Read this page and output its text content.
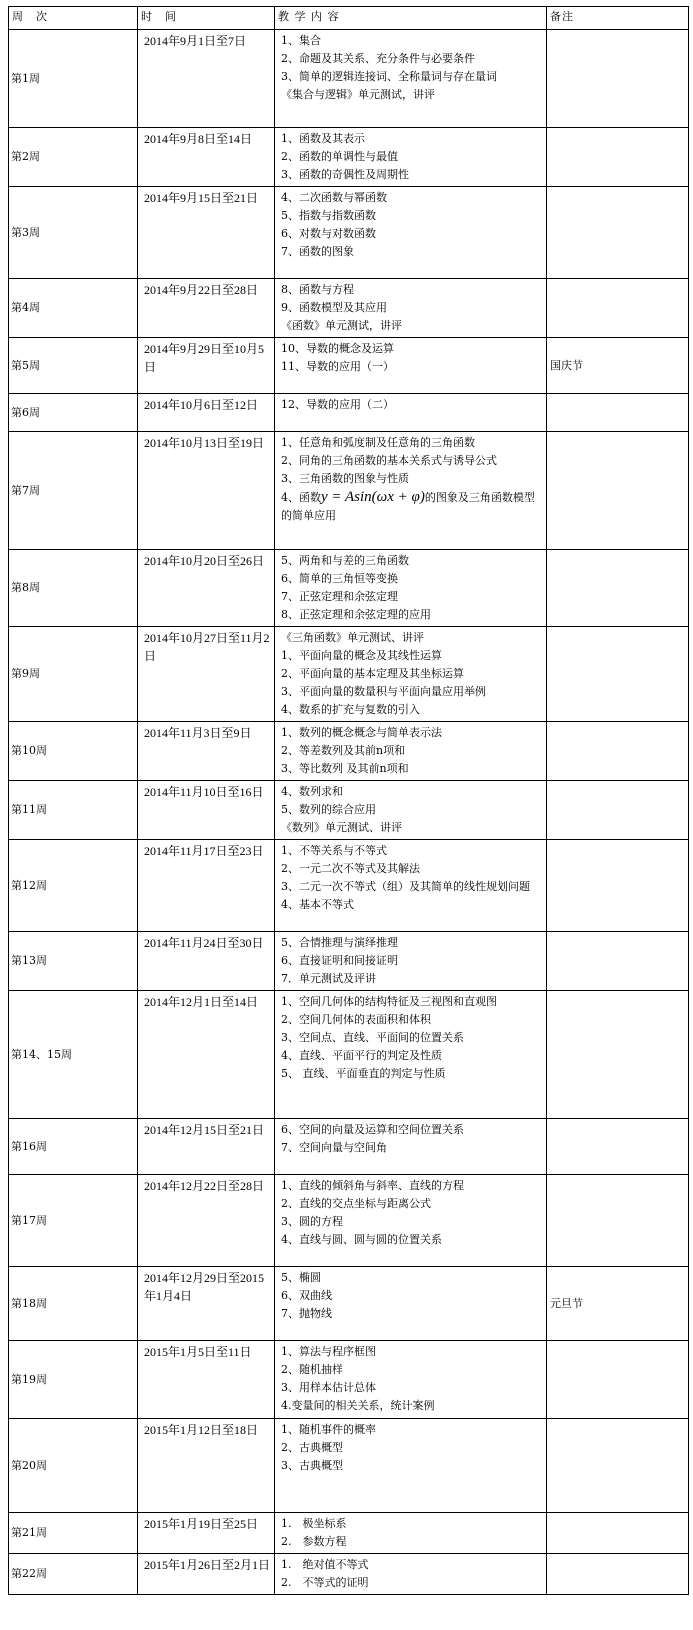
周　次	时　间	教 学 内 容	备注
第1周	2014年9月1日至7日	1、集合
2、命题及其关系、充分条件与必要条件
3、简单的逻辑连接词、全称量词与存在量词
《集合与逻辑》单元测试，讲评	

第2周	2014年9月8日至14日	1、函数及其表示
2、函数的单调性与最值
3、函数的奇偶性及周期性	

第3周	2014年9月15日至21日	4、二次函数与幂函数
5、指数与指数函数
6、对数与对数函数
7、函数的图象	

第4周	2014年9月22日至28日	8、函数与方程
9、函数模型及其应用
《函数》单元测试，讲评	

第5周	2014年9月29日至10月5日	10、导数的概念及运算
11、导数的应用（一）	国庆节
第6周	2014年10月6日至12日	12、导数的应用（二）	

第7周	2014年10月13日至19日	1、任意角和弧度制及任意角的三角函数
2、同角的三角函数的基本关系式与诱导公式
3、三角函数的图象与性质
4、函数y = Asin(ωx + φ)的图象及三角函数模型的简单应用	

第8周	2014年10月20日至26日	5、两角和与差的三角函数
6、简单的三角恒等变换
7、正弦定理和余弦定理
8、正弦定理和余弦定理的应用	

第9周	2014年10月27日至11月2日	《三角函数》单元测试、讲评
1、平面向量的概念及其线性运算
2、平面向量的基本定理及其坐标运算
3、平面向量的数量积与平面向量应用举例
4、数系的扩充与复数的引入	

第10周	2014年11月3日至9日	1、数列的概念概念与简单表示法
2、等差数列及其前n项和
3、等比数列 及其前n项和	

第11周	2014年11月10日至16日	4、数列求和
5、数列的综合应用
《数列》单元测试、讲评	

第12周	2014年11月17日至23日	1、不等关系与不等式
2、一元二次不等式及其解法
3、二元一次不等式（组）及其简单的线性规划问题
4、基本不等式	

第13周	2014年11月24日至30日	5、合情推理与演绎推理
6、直接证明和间接证明
7．单元测试及评讲	

第14、15周	2014年12月1日至14日	1、空间几何体的结构特征及三视图和直观图
2、空间几何体的表面积和体积
3、空间点、直线、平面间的位置关系
4、直线、平面平行的判定及性质
5、 直线、平面垂直的判定与性质	

第16周	2014年12月15日至21日	6、空间的向量及运算和空间位置关系
7、空间向量与空间角	

第17周	2014年12月22日至28日	1、直线的倾斜角与斜率、直线的方程
2、直线的交点坐标与距离公式
3、圆的方程
4、直线与圆、圆与圆的位置关系	

第18周	2014年12月29日至2015年1月4日	5、椭圆
6、双曲线
7、抛物线	元旦节
第19周	2015年1月5日至11日	1、算法与程序框图
2、随机抽样
3、用样本估计总体
4.变量间的相关关系，统计案例	

第20周	2015年1月12日至18日	1、随机事件的概率
2、古典概型
3、古典概型	

第21周	2015年1月19日至25日	1.　极坐标系
2.　参数方程	

第22周	2015年1月26日至2月1日	1.　绝对值不等式
2.　不等式的证明	
